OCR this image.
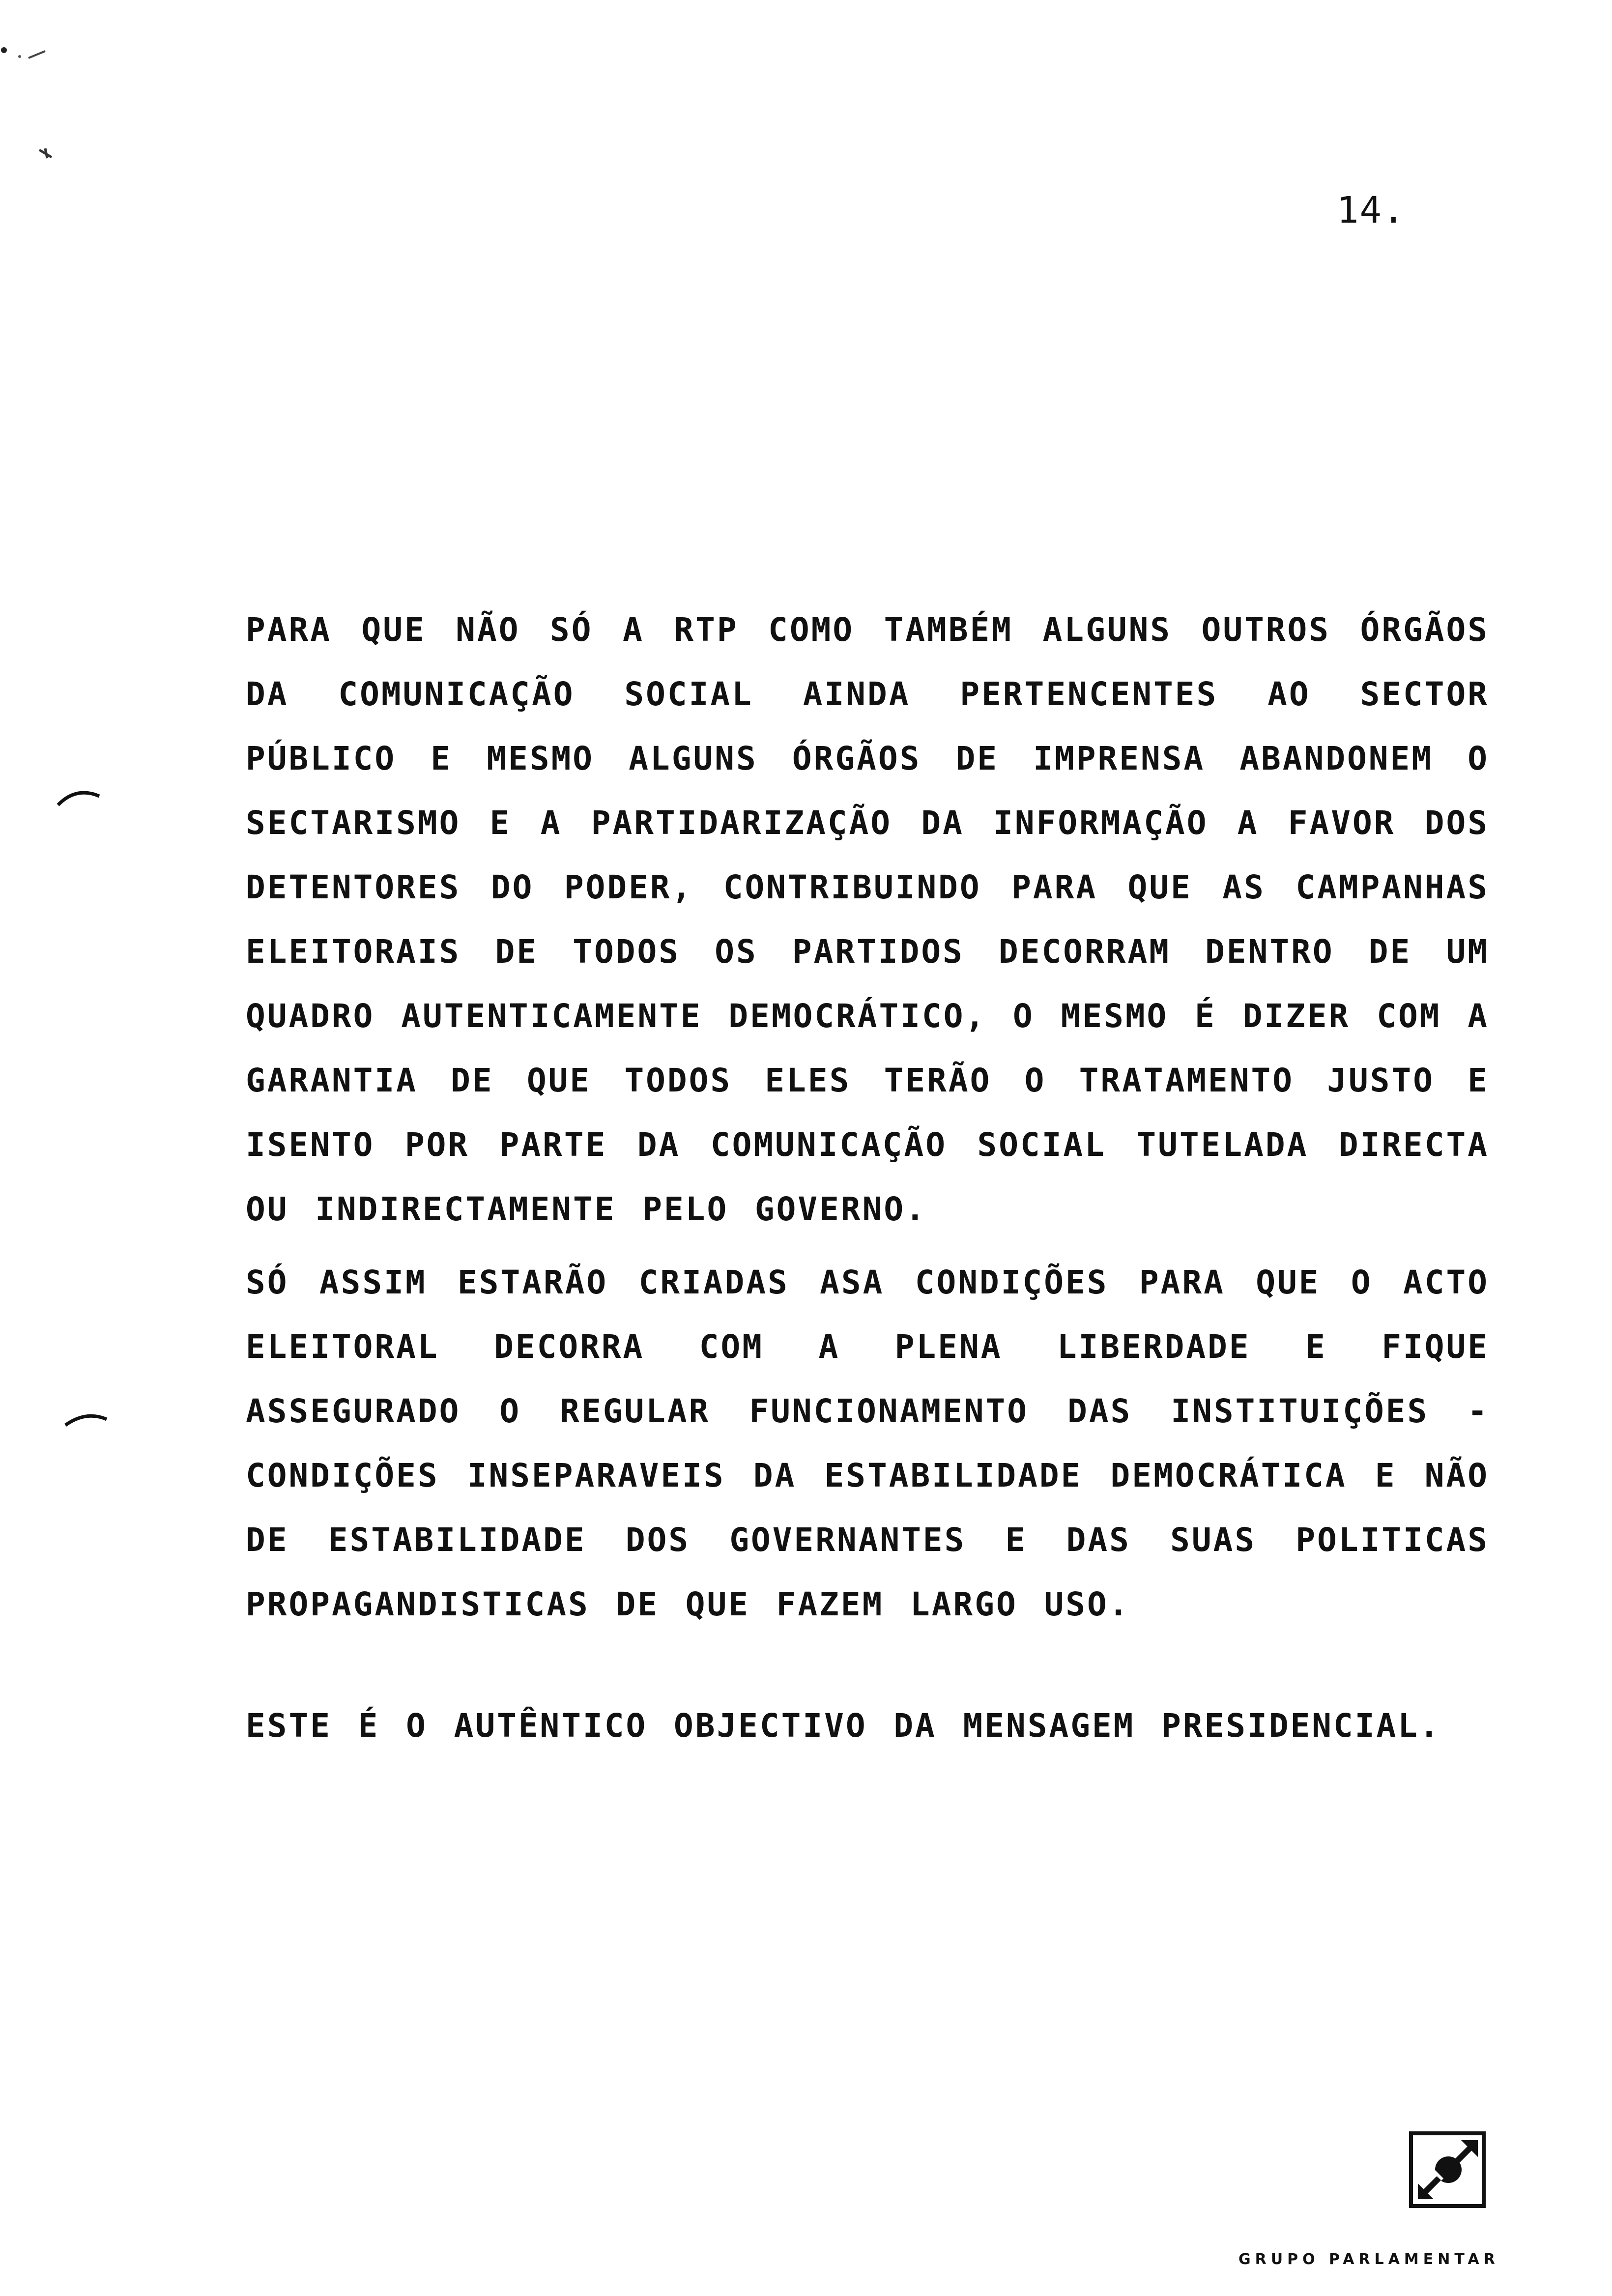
14.

PARA QUE NÃO SÓ A RTP COMO TAMBÉM ALGUNS OUTROS ÓRGÃOS DA COMUNICAÇÃO SOCIAL AINDA PERTENCENTES AO SECTOR PÚBLICO E MESMO ALGUNS ÓRGÃOS DE IMPRENSA ABANDONEM O SECTARISMO E A PARTIDARIZAÇÃO DA INFORMAÇÃO A FAVOR DOS DETENTORES DO PODER, CONTRIBUINDO PARA QUE AS CAMPANHAS ELEITORAIS DE TODOS OS PARTIDOS DECORRAM DENTRO DE UM QUADRO AUTENTICAMENTE DEMOCRÁTICO, O MESMO É DIZER COM A GARANTIA DE QUE TODOS ELES TERÃO O TRATAMENTO JUSTO E ISENTO POR PARTE DA COMUNICAÇÃO SOCIAL TUTELADA DIRECTA OU INDIRECTAMENTE PELO GOVERNO.

SÓ ASSIM ESTARÃO CRIADAS ASA CONDIÇÕES PARA QUE O ACTO ELEITORAL DECORRA COM A PLENA LIBERDADE E FIQUE ASSEGURADO O REGULAR FUNCIONAMENTO DAS INSTITUIÇÕES - CONDIÇÕES INSEPARAVEIS DA ESTABILIDADE DEMOCRÁTICA E NÃO DE ESTABILIDADE DOS GOVERNANTES E DAS SUAS POLITICAS PROPAGANDISTICAS DE QUE FAZEM LARGO USO.

ESTE É O AUTÊNTICO OBJECTIVO DA MENSAGEM PRESIDENCIAL.

GRUPO PARLAMENTAR
